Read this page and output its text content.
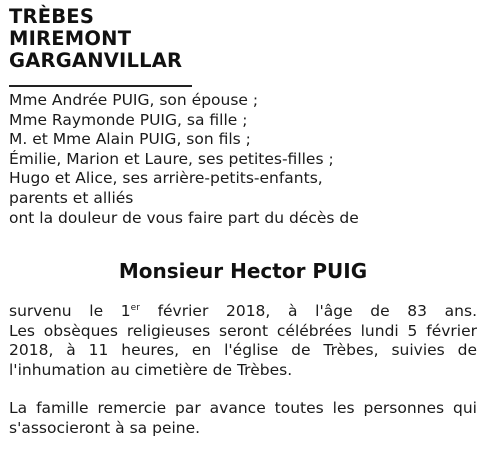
TRÈBES
MIREMONT
GARGANVILLAR
Mme Andrée PUIG, son épouse ;
Mme Raymonde PUIG, sa fille ;
M. et Mme Alain PUIG, son fils ;
Émilie, Marion et Laure, ses petites-filles ;
Hugo et Alice, ses arrière-petits-enfants,
parents et alliés
ont la douleur de vous faire part du décès de
Monsieur Hector PUIG
survenu le 1er février 2018, à l'âge de 83 ans.
Les obsèques religieuses seront célébrées lundi 5 février
2018, à 11 heures, en l'église de Trèbes, suivies de
l'inhumation au cimetière de Trèbes.
La famille remercie par avance toutes les personnes qui
s'associeront à sa peine.
